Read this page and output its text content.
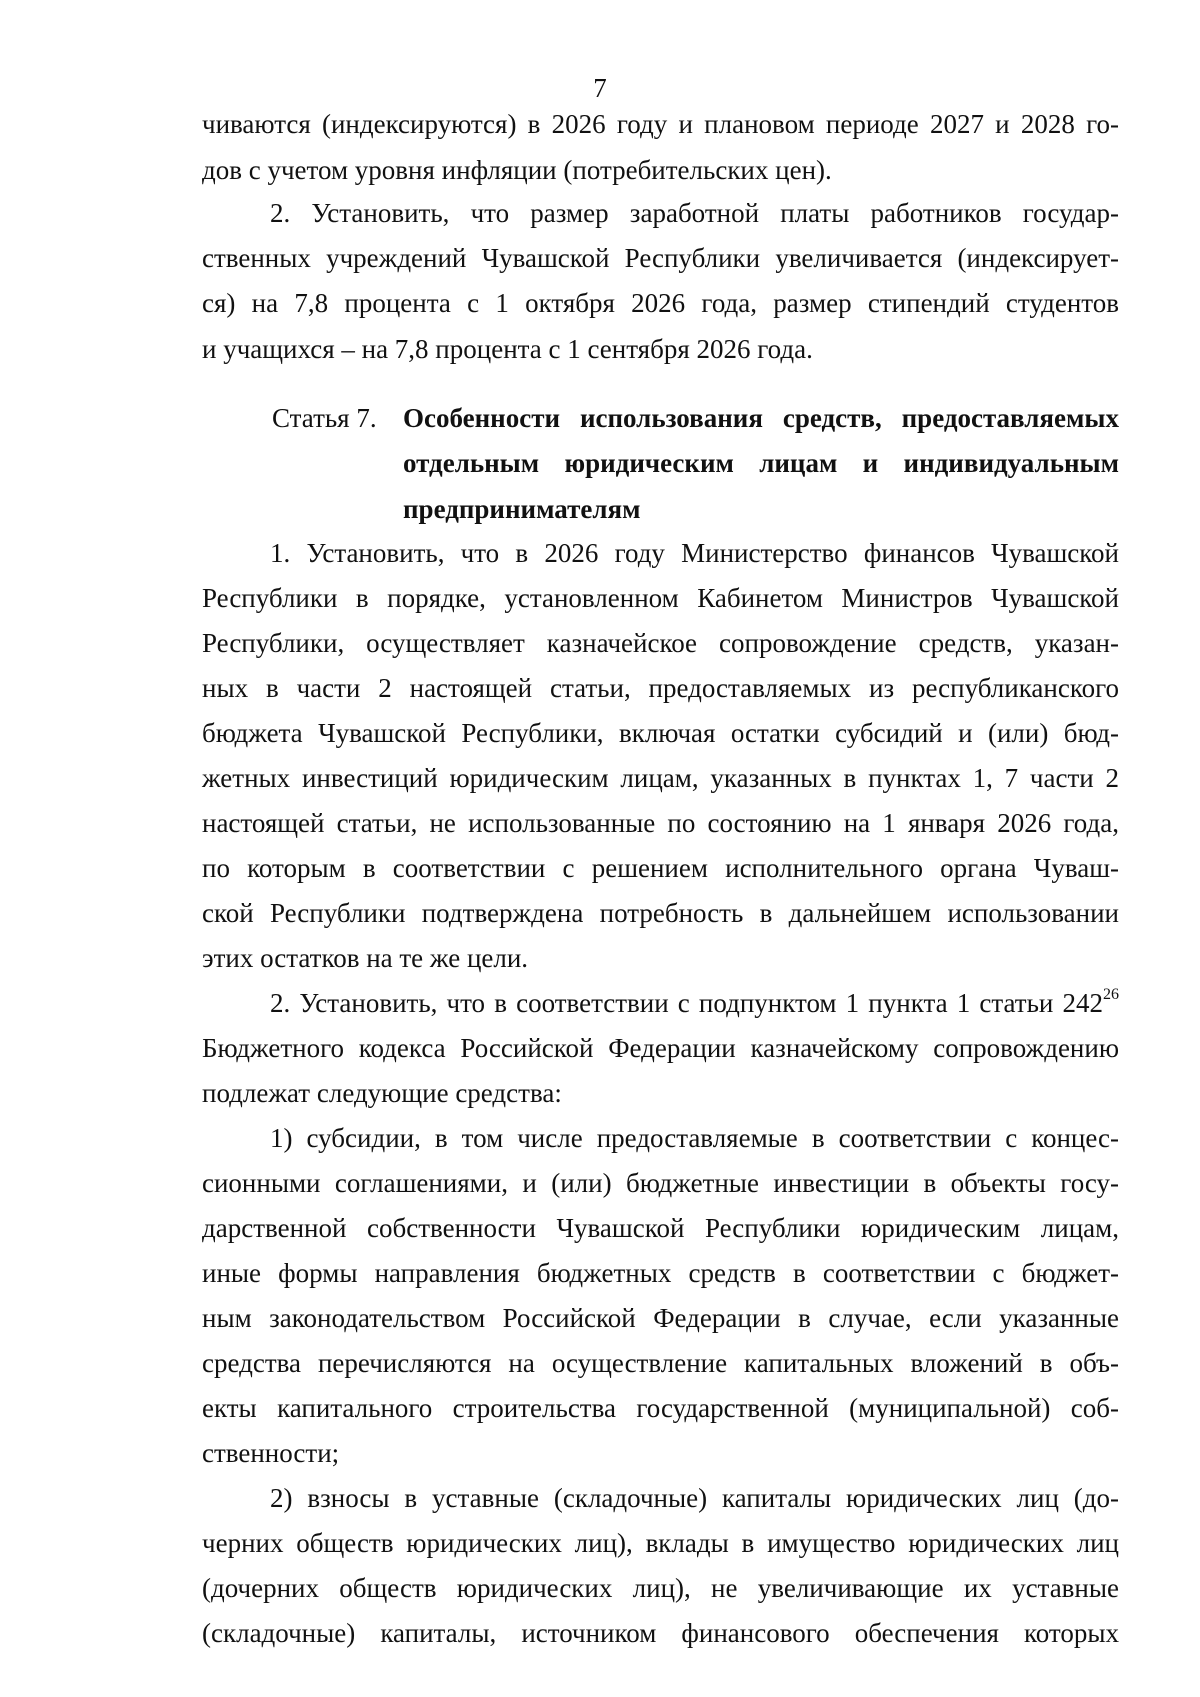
7
чиваются (индексируются) в 2026 году и плановом периоде 2027 и 2028 го-
дов с учетом уровня инфляции (потребительских цен).
2. Установить, что размер заработной платы работников государ-
ственных учреждений Чувашской Республики увеличивается (индексирует-
ся) на 7,8 процента с 1 октября 2026 года, размер стипендий студентов
и учащихся – на 7,8 процента с 1 сентября 2026 года.
Статья 7. Особенности использования средств, предоставляемых
отдельным юридическим лицам и индивидуальным
предпринимателям
1. Установить, что в 2026 году Министерство финансов Чувашской
Республики в порядке, установленном Кабинетом Министров Чувашской
Республики, осуществляет казначейское сопровождение средств, указан-
ных в части 2 настоящей статьи, предоставляемых из республиканского
бюджета Чувашской Республики, включая остатки субсидий и (или) бюд-
жетных инвестиций юридическим лицам, указанных в пунктах 1, 7 части 2
настоящей статьи, не использованные по состоянию на 1 января 2026 года,
по которым в соответствии с решением исполнительного органа Чуваш-
ской Республики подтверждена потребность в дальнейшем использовании
этих остатков на те же цели.
2. Установить, что в соответствии с подпунктом 1 пункта 1 статьи $242^{26}$
Бюджетного кодекса Российской Федерации казначейскому сопровождению
подлежат следующие средства:
1) субсидии, в том числе предоставляемые в соответствии с концес-
сионными соглашениями, и (или) бюджетные инвестиции в объекты госу-
дарственной собственности Чувашской Республики юридическим лицам,
иные формы направления бюджетных средств в соответствии с бюджет-
ным законодательством Российской Федерации в случае, если указанные
средства перечисляются на осуществление капитальных вложений в объ-
екты капитального строительства государственной (муниципальной) соб-
ственности;
2) взносы в уставные (складочные) капиталы юридических лиц (до-
черних обществ юридических лиц), вклады в имущество юридических лиц
(дочерних обществ юридических лиц), не увеличивающие их уставные
(складочные) капиталы, источником финансового обеспечения которых
